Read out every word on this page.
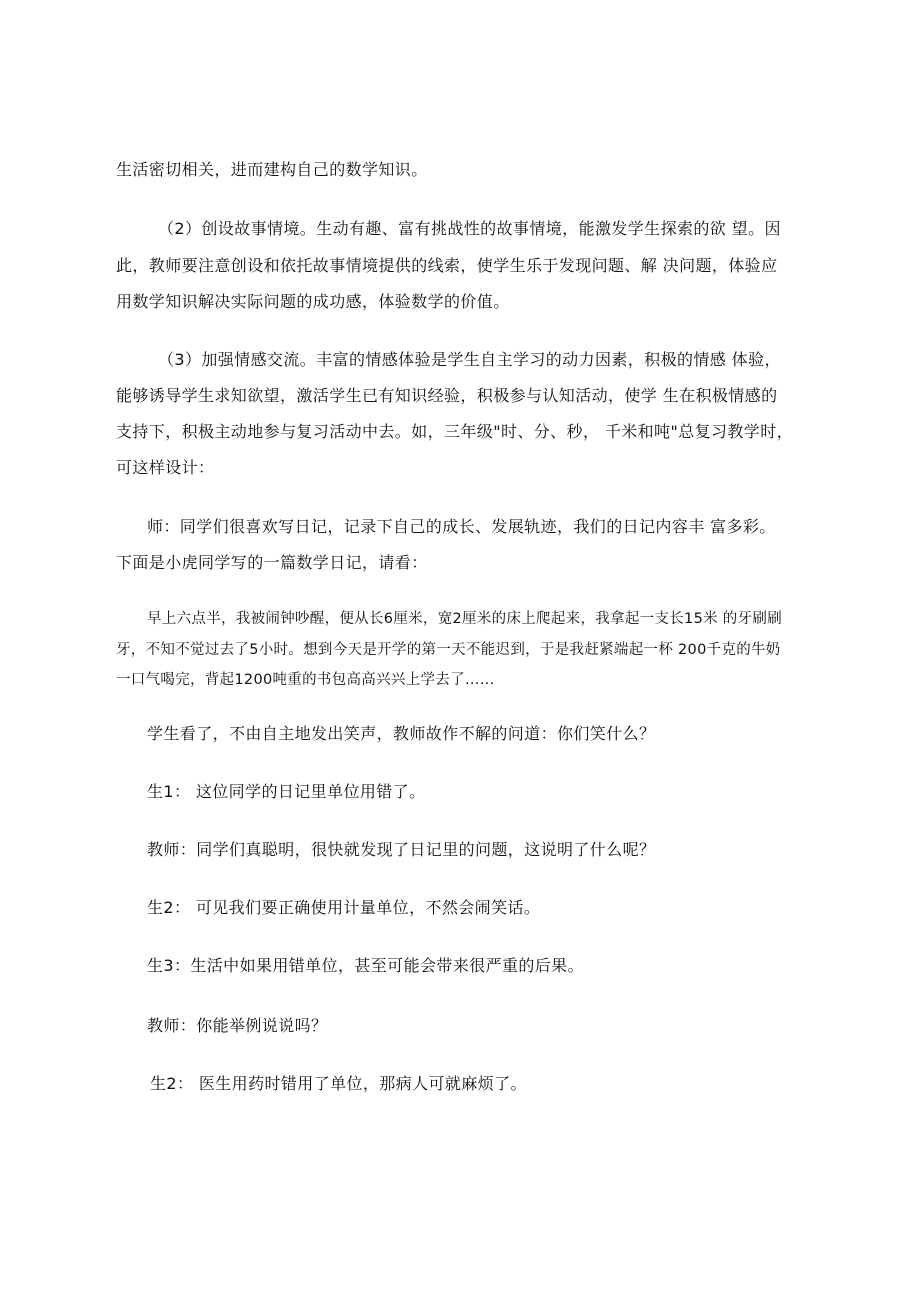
生活密切相关，进而建构自己的数学知识。
（2）创设故事情境。生动有趣、富有挑战性的故事情境，能激发学生探索的欲 望。因
此，教师要注意创设和依托故事情境提供的线索，使学生乐于发现问题、解 决问题，体验应
用数学知识解决实际问题的成功感，体验数学的价值。
（3）加强情感交流。丰富的情感体验是学生自主学习的动力因素，积极的情感 体验，
能够诱导学生求知欲望，激活学生已有知识经验，积极参与认知活动，使学 生在积极情感的
支持下，积极主动地参与复习活动中去。如，三年级"时、分、秒， 千米和吨"总复习教学时，
可这样设计：
师：同学们很喜欢写日记，记录下自己的成长、发展轨迹，我们的日记内容丰 富多彩。
下面是小虎同学写的一篇数学日记，请看：
早上六点半，我被闹钟吵醒，便从长6厘米，宽2厘米的床上爬起来，我拿起一支长15米 的牙刷刷
牙，不知不觉过去了5小时。想到今天是开学的第一天不能迟到，于是我赶紧端起一杯 200千克的牛奶
一口气喝完，背起1200吨重的书包高高兴兴上学去了……
学生看了，不由自主地发出笑声，教师故作不解的问道：你们笑什么？
生1： 这位同学的日记里单位用错了。
教师：同学们真聪明，很快就发现了日记里的问题，这说明了什么呢？
生2： 可见我们要正确使用计量单位，不然会闹笑话。
生3：生活中如果用错单位，甚至可能会带来很严重的后果。
教师：你能举例说说吗？
生2： 医生用药时错用了单位，那病人可就麻烦了。
